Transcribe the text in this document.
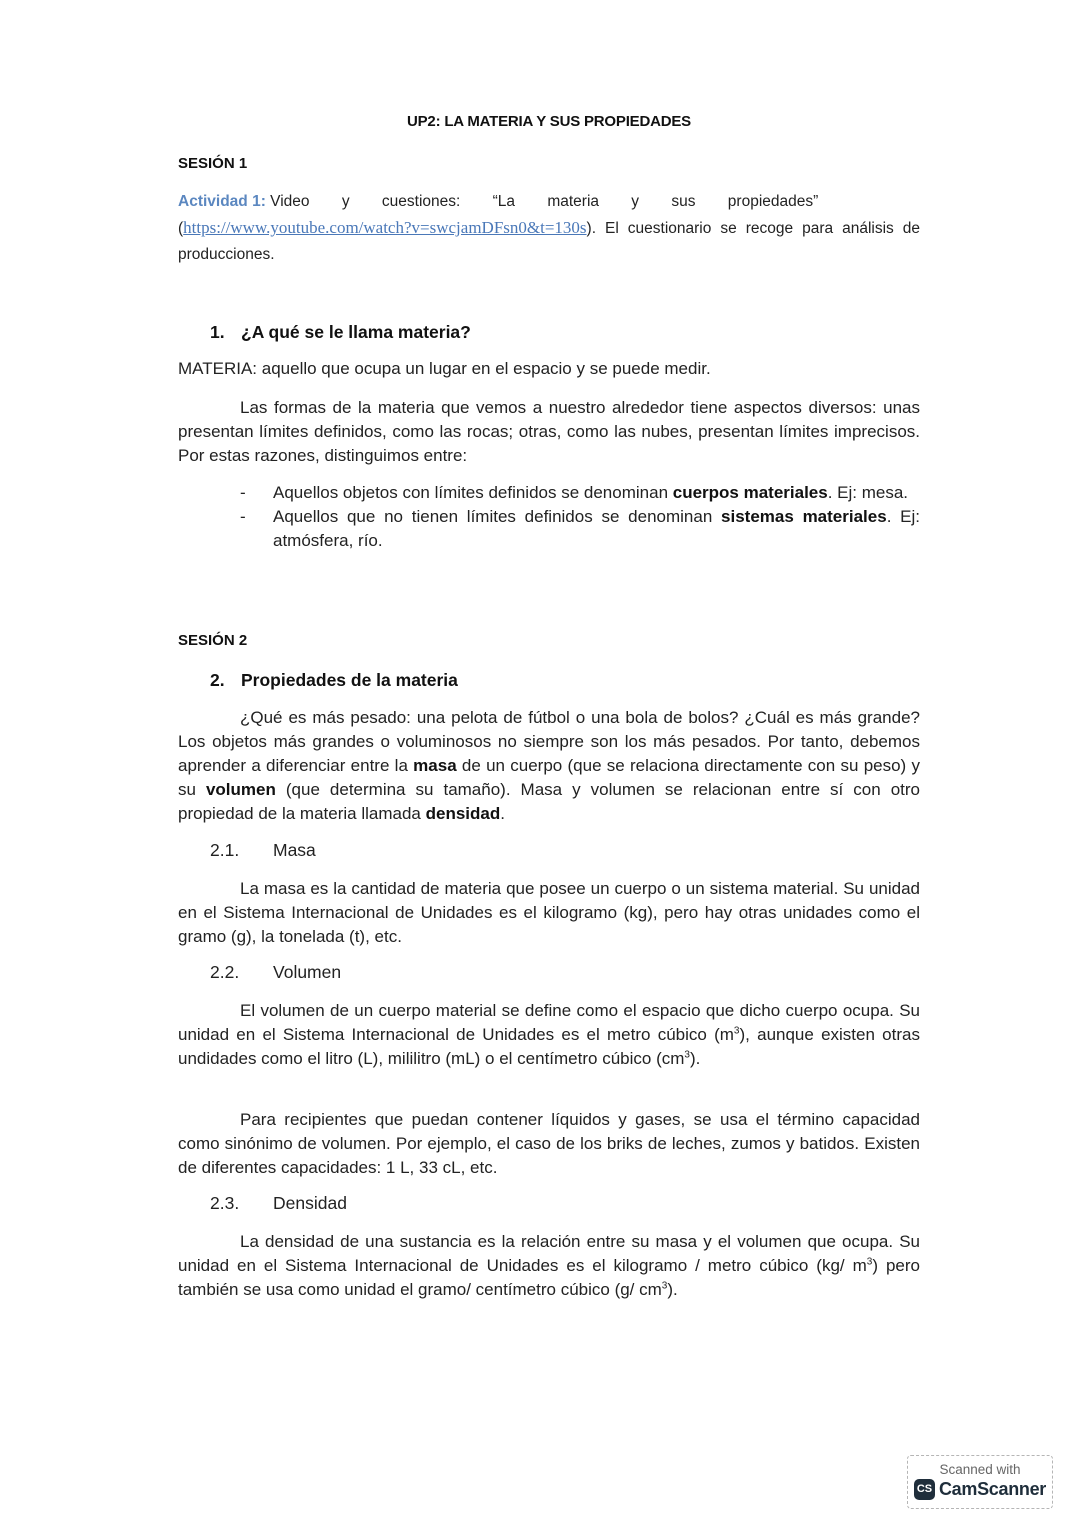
UP2: LA MATERIA Y SUS PROPIEDADES
SESIÓN 1
Actividad 1: Video y cuestiones: “La materia y sus propiedades”
(https://www.youtube.com/watch?v=swcjamDFsn0&t=130s). El cuestionario se recoge para análisis de producciones.
1. ¿A qué se le llama materia?

MATERIA: aquello que ocupa un lugar en el espacio y se puede medir.

Las formas de la materia que vemos a nuestro alrededor tiene aspectos diversos: unas presentan límites definidos, como las rocas; otras, como las nubes, presentan límites imprecisos. Por estas razones, distinguimos entre:

- Aquellos objetos con límites definidos se denominan cuerpos materiales. Ej: mesa.
- Aquellos que no tienen límites definidos se denominan sistemas materiales. Ej: atmósfera, río.
SESIÓN 2
2. Propiedades de la materia

¿Qué es más pesado: una pelota de fútbol o una bola de bolos? ¿Cuál es más grande? Los objetos más grandes o voluminosos no siempre son los más pesados. Por tanto, debemos aprender a diferenciar entre la masa de un cuerpo (que se relaciona directamente con su peso) y su volumen (que determina su tamaño). Masa y volumen se relacionan entre sí con otro propiedad de la materia llamada densidad.

2.1. Masa

La masa es la cantidad de materia que posee un cuerpo o un sistema material. Su unidad en el Sistema Internacional de Unidades es el kilogramo (kg), pero hay otras unidades como el gramo (g), la tonelada (t), etc.

2.2. Volumen

El volumen de un cuerpo material se define como el espacio que dicho cuerpo ocupa. Su unidad en el Sistema Internacional de Unidades es el metro cúbico $(m^3)$, aunque existen otras undidades como el litro (L), mililitro (mL) o el centímetro cúbico $(cm^3)$.

Para recipientes que puedan contener líquidos y gases, se usa el término capacidad como sinónimo de volumen. Por ejemplo, el caso de los briks de leches, zumos y batidos. Existen de diferentes capacidades: 1 L, 33 cL, etc.

2.3. Densidad

La densidad de una sustancia es la relación entre su masa y el volumen que ocupa. Su unidad en el Sistema Internacional de Unidades es el kilogramo / metro cúbico (kg/ $m^3$) pero también se usa como unidad el gramo/ centímetro cúbico (g/ $cm^3$).

Scanned with
CS CamScanner
